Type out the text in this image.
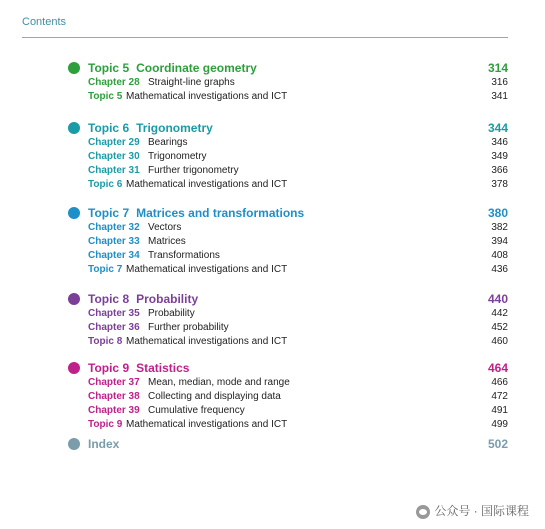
Contents
Topic 5 Coordinate geometry	314
Chapter 28 Straight-line graphs	316
Topic 5 Mathematical investigations and ICT	341
Topic 6 Trigonometry	344
Chapter 29 Bearings	346
Chapter 30 Trigonometry	349
Chapter 31 Further trigonometry	366
Topic 6 Mathematical investigations and ICT	378
Topic 7 Matrices and transformations	380
Chapter 32 Vectors	382
Chapter 33 Matrices	394
Chapter 34 Transformations	408
Topic 7 Mathematical investigations and ICT	436
Topic 8 Probability	440
Chapter 35 Probability	442
Chapter 36 Further probability	452
Topic 8 Mathematical investigations and ICT	460
Topic 9 Statistics	464
Chapter 37 Mean, median, mode and range	466
Chapter 38 Collecting and displaying data	472
Chapter 39 Cumulative frequency	491
Topic 9 Mathematical investigations and ICT	499
Index	502
公众号 · 国际课程
